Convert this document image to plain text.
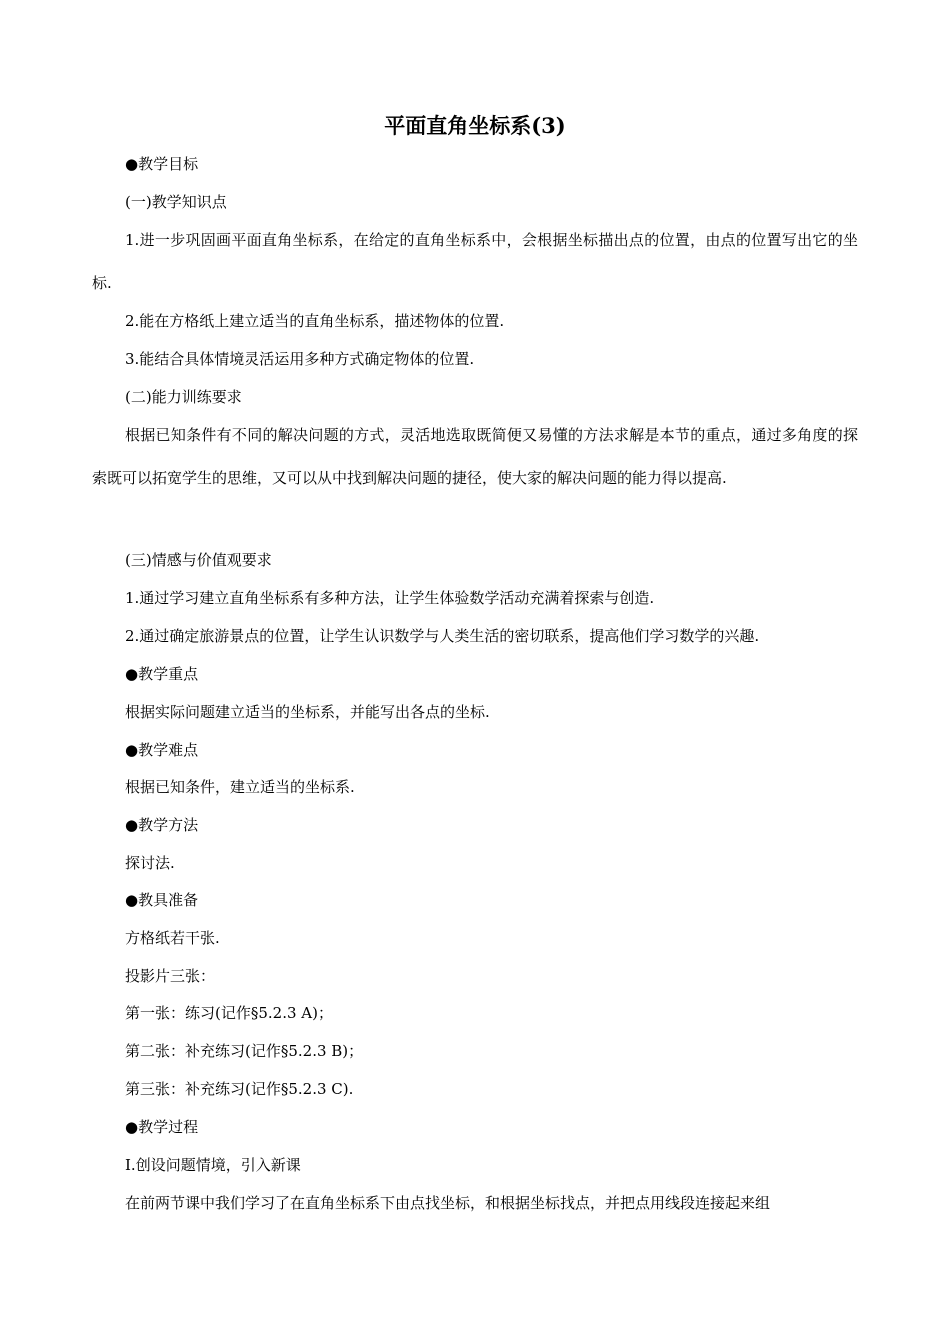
平面直角坐标系(3)
●教学目标
(一)教学知识点
1.进一步巩固画平面直角坐标系，在给定的直角坐标系中，会根据坐标描出点的位置，由点的位置写出它的坐标.
2.能在方格纸上建立适当的直角坐标系，描述物体的位置.
3.能结合具体情境灵活运用多种方式确定物体的位置.
(二)能力训练要求
根据已知条件有不同的解决问题的方式，灵活地选取既简便又易懂的方法求解是本节的重点，通过多角度的探索既可以拓宽学生的思维，又可以从中找到解决问题的捷径，使大家的解决问题的能力得以提高.
(三)情感与价值观要求
1.通过学习建立直角坐标系有多种方法，让学生体验数学活动充满着探索与创造.
2.通过确定旅游景点的位置，让学生认识数学与人类生活的密切联系，提高他们学习数学的兴趣.
●教学重点
根据实际问题建立适当的坐标系，并能写出各点的坐标.
●教学难点
根据已知条件，建立适当的坐标系.
●教学方法
探讨法.
●教具准备
方格纸若干张.
投影片三张：
第一张：练习(记作§5.2.3 A)；
第二张：补充练习(记作§5.2.3 B)；
第三张：补充练习(记作§5.2.3 C).
●教学过程
Ⅰ.创设问题情境，引入新课
在前两节课中我们学习了在直角坐标系下由点找坐标，和根据坐标找点，并把点用线段连接起来组
